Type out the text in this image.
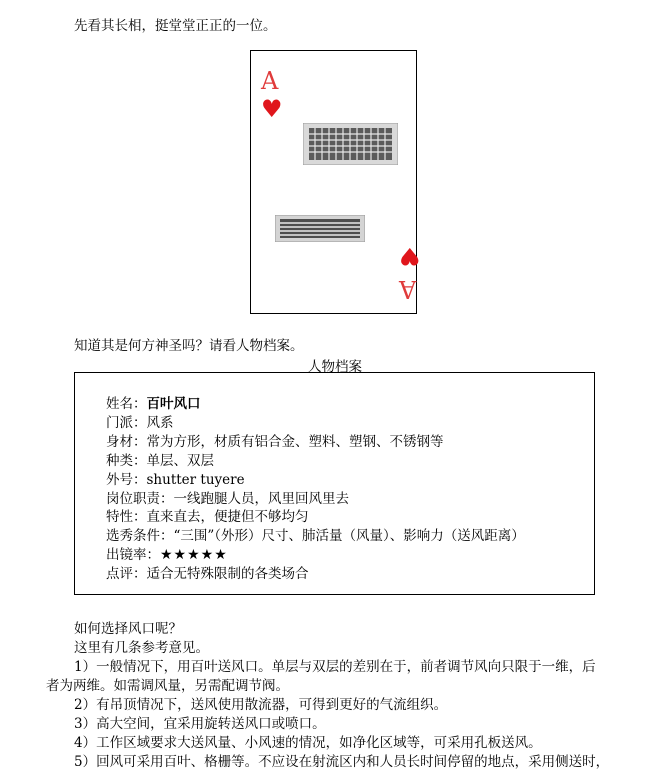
先看其长相，挺堂堂正正的一位。
A
♥
♥
A
知道其是何方神圣吗？请看人物档案。
人物档案
姓名：百叶风口
门派：风系
身材：常为方形，材质有铝合金、塑料、塑钢、不锈钢等
种类：单层、双层
外号：shutter tuyere
岗位职责：一线跑腿人员，风里回风里去
特性：直来直去，便捷但不够均匀
选秀条件：“三围”（外形）尺寸、肺活量（风量）、影响力（送风距离）
出镜率：★★★★★
点评：适合无特殊限制的各类场合
如何选择风口呢？
这里有几条参考意见。
1）一般情况下，用百叶送风口。单层与双层的差别在于，前者调节风向只限于一维，后
者为两维。如需调风量，另需配调节阀。
2）有吊顶情况下，送风使用散流器，可得到更好的气流组织。
3）高大空间，宜采用旋转送风口或喷口。
4）工作区域要求大送风量、小风速的情况，如净化区域等，可采用孔板送风。
5）回风可采用百叶、格栅等。不应设在射流区内和人员长时间停留的地点，采用侧送时，
